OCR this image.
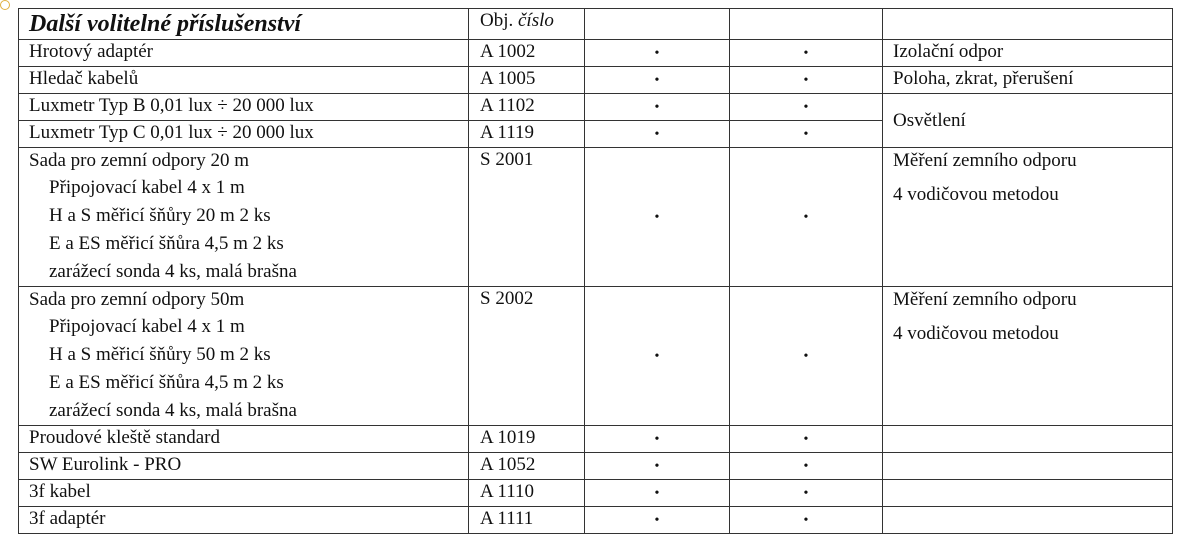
Další volitelné příslušenství	Obj. číslo			
Hrotový adaptér	A 1002	•	•	Izolační odpor
Hledač kabelů	A 1005	•	•	Poloha, zkrat, přerušení
Luxmetr Typ B 0,01 lux ÷ 20 000 lux	A 1102	•	•	Osvětlení
Luxmetr Typ C 0,01 lux ÷ 20 000 lux	A 1119	•	•	

Sada pro zemní odpory 20 m
Připojovací kabel 4 x 1 m
H a S měřicí šňůry 20 m 2 ks
E a ES měřicí šňůra 4,5 m 2 ks
zarážecí sonda 4 ks, malá brašna	S 2001	•	•	Měření zemního odporu
4 vodičovou metodou

Sada pro zemní odpory 50m
Připojovací kabel 4 x 1 m
H a S měřicí šňůry 50 m 2 ks
E a ES měřicí šňůra 4,5 m 2 ks
zarážecí sonda 4 ks, malá brašna	S 2002	•	•	Měření zemního odporu
4 vodičovou metodou

Proudové kleště standard	A 1019	•	•	
SW Eurolink - PRO	A 1052	•	•	
3f kabel	A 1110	•	•	
3f adaptér	A 1111	•	•	
